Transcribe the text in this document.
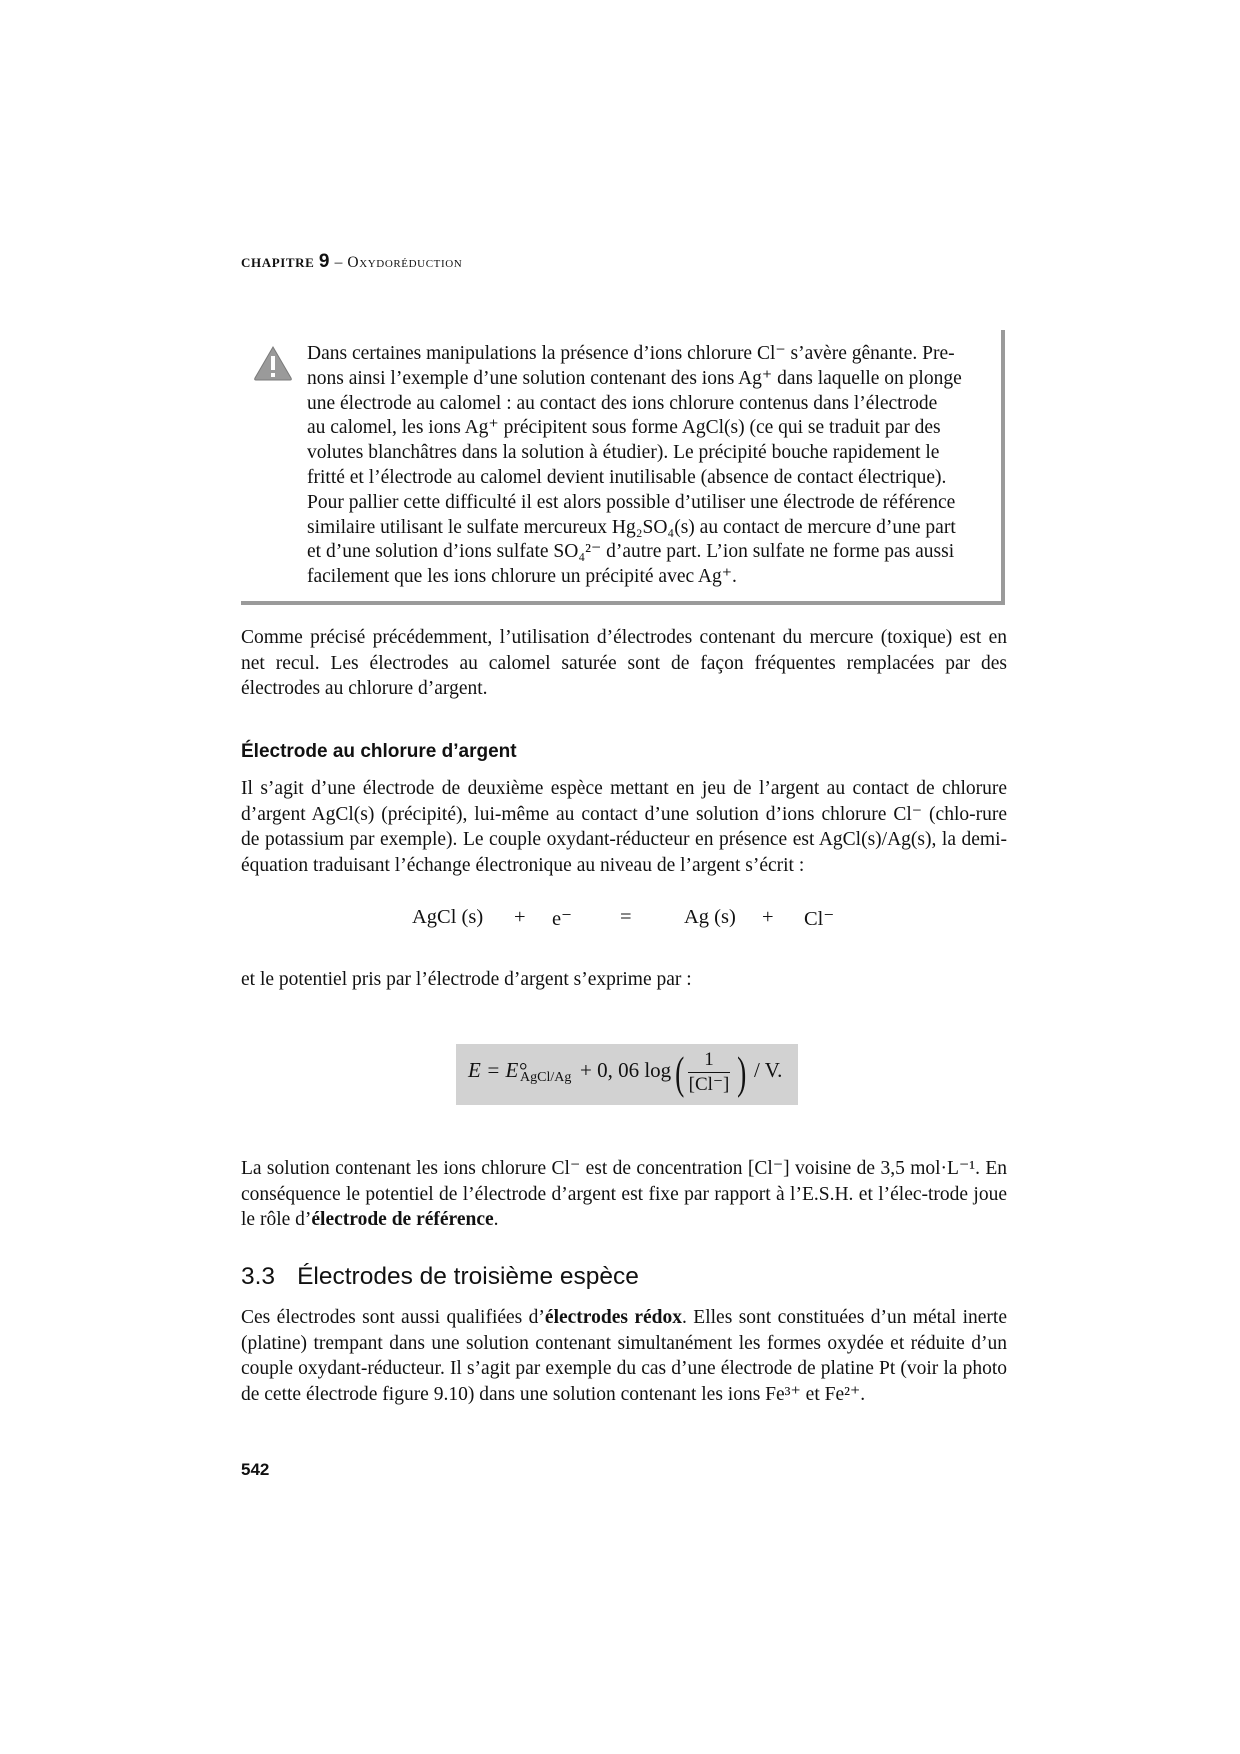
CHAPITRE 9 – Oxydoréduction
Dans certaines manipulations la présence d’ions chlorure Cl⁻ s’avère gênante. Pre-
nons ainsi l’exemple d’une solution contenant des ions Ag⁺ dans laquelle on plonge
une électrode au calomel : au contact des ions chlorure contenus dans l’électrode
au calomel, les ions Ag⁺ précipitent sous forme AgCl(s) (ce qui se traduit par des
volutes blanchâtres dans la solution à étudier). Le précipité bouche rapidement le
fritté et l’électrode au calomel devient inutilisable (absence de contact électrique).
Pour pallier cette difficulté il est alors possible d’utiliser une électrode de référence
similaire utilisant le sulfate mercureux Hg₂SO₄(s) au contact de mercure d’une part
et d’une solution d’ions sulfate SO₄²⁻ d’autre part. L’ion sulfate ne forme pas aussi
facilement que les ions chlorure un précipité avec Ag⁺.

Comme précisé précédemment, l’utilisation d’électrodes contenant du mercure (toxique) est en net recul. Les électrodes au calomel saturée sont de façon fréquentes remplacées par des électrodes au chlorure d’argent.

Électrode au chlorure d’argent

Il s’agit d’une électrode de deuxième espèce mettant en jeu de l’argent au contact de chlorure d’argent AgCl(s) (précipité), lui-même au contact d’une solution d’ions chlorure Cl⁻ (chlo-rure de potassium par exemple). Le couple oxydant-réducteur en présence est AgCl(s)/Ag(s), la demi-équation traduisant l’échange électronique au niveau de l’argent s’écrit :

AgCl (s) + e⁻ =	Ag (s) + Cl⁻

et le potentiel pris par l’électrode d’argent s’exprime par :

E = E°
AgCl/Ag + 0, 06 log (	1
[Cl⁻] ) / V.

La solution contenant les ions chlorure Cl⁻ est de concentration [Cl⁻] voisine de 3,5 mol·L⁻¹. En conséquence le potentiel de l’électrode d’argent est fixe par rapport à l’E.S.H. et l’élec-trode joue le rôle d’électrode de référence.

3.3 Électrodes de troisième espèce

Ces électrodes sont aussi qualifiées d’électrodes rédox. Elles sont constituées d’un métal inerte (platine) trempant dans une solution contenant simultanément les formes oxydée et réduite d’un couple oxydant-réducteur. Il s’agit par exemple du cas d’une électrode de platine Pt (voir la photo de cette électrode figure 9.10) dans une solution contenant les ions Fe³⁺ et Fe²⁺.

542
